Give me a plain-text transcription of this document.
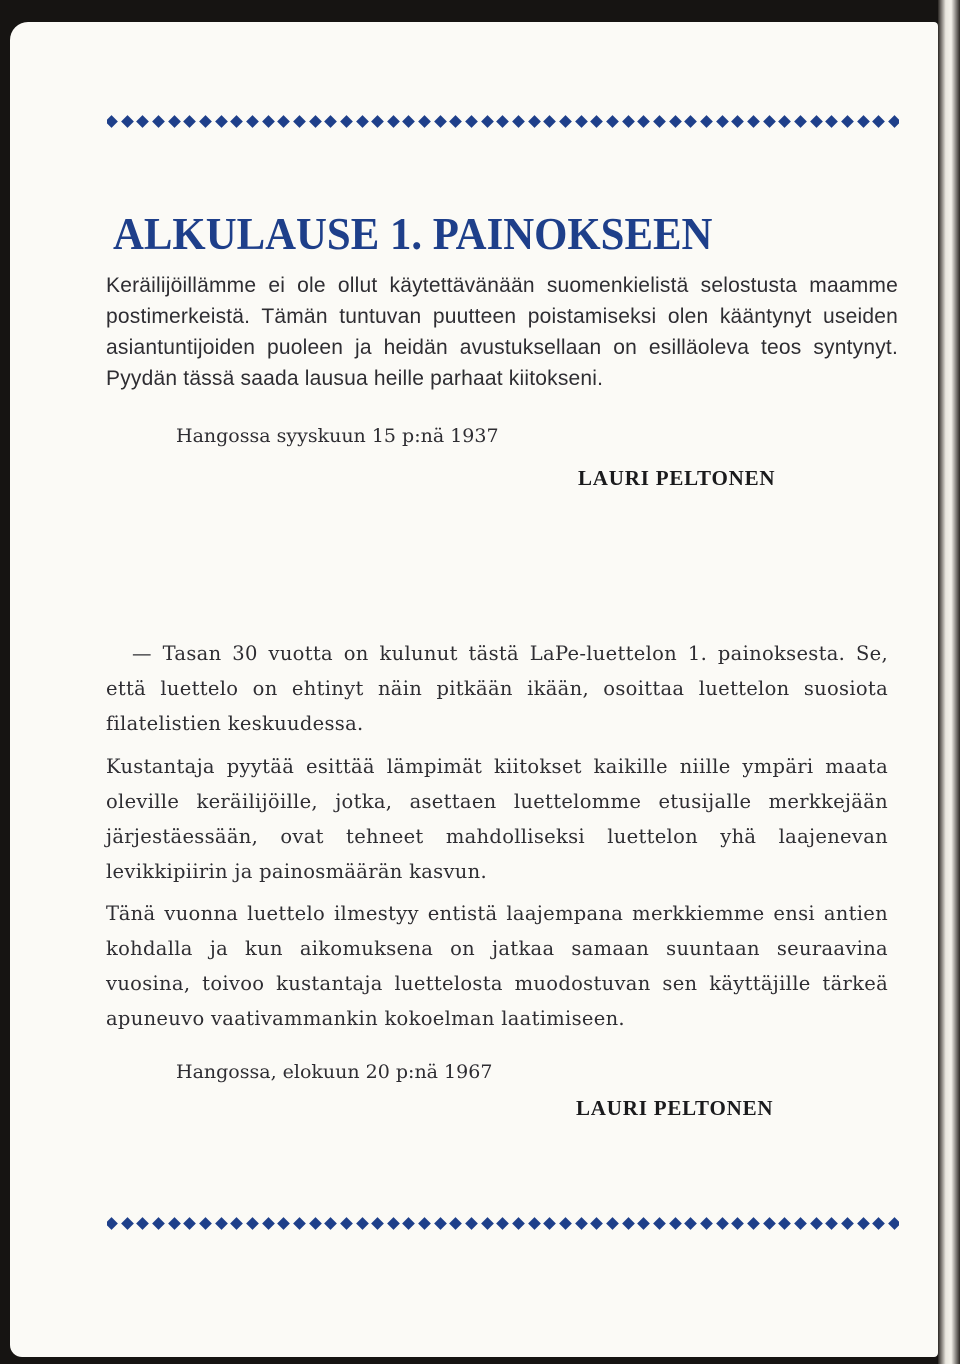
ALKULAUSE 1. PAINOKSEEN

Keräilijöillämme ei ole ollut käytettävänään suomenkielistä selostusta maamme postimerkeistä. Tämän tuntuvan puutteen poistamiseksi olen kääntynyt useiden asiantuntijoiden puoleen ja heidän avustuksellaan on esilläoleva teos syntynyt. Pyydän tässä saada lausua heille parhaat kiitokseni.

Hangossa syyskuun 15 p:nä 1937

LAURI PELTONEN

— Tasan 30 vuotta on kulunut tästä LaPe-luettelon 1. painoksesta. Se, että luettelo on ehtinyt näin pitkään ikään, osoittaa luettelon suosiota filatelistien keskuudessa.

Kustantaja pyytää esittää lämpimät kiitokset kaikille niille ympäri maata oleville keräilijöille, jotka, asettaen luettelomme etusijalle merkkejään järjestäessään, ovat tehneet mahdolliseksi luettelon yhä laajenevan levikkipiirin ja painosmäärän kasvun.

Tänä vuonna luettelo ilmestyy entistä laajempana merkkiemme ensi antien kohdalla ja kun aikomuksena on jatkaa samaan suuntaan seuraavina vuosina, toivoo kustantaja luettelosta muodostuvan sen käyttäjille tärkeä apuneuvo vaativammankin kokoelman laatimiseen.

Hangossa, elokuun 20 p:nä 1967

LAURI PELTONEN
